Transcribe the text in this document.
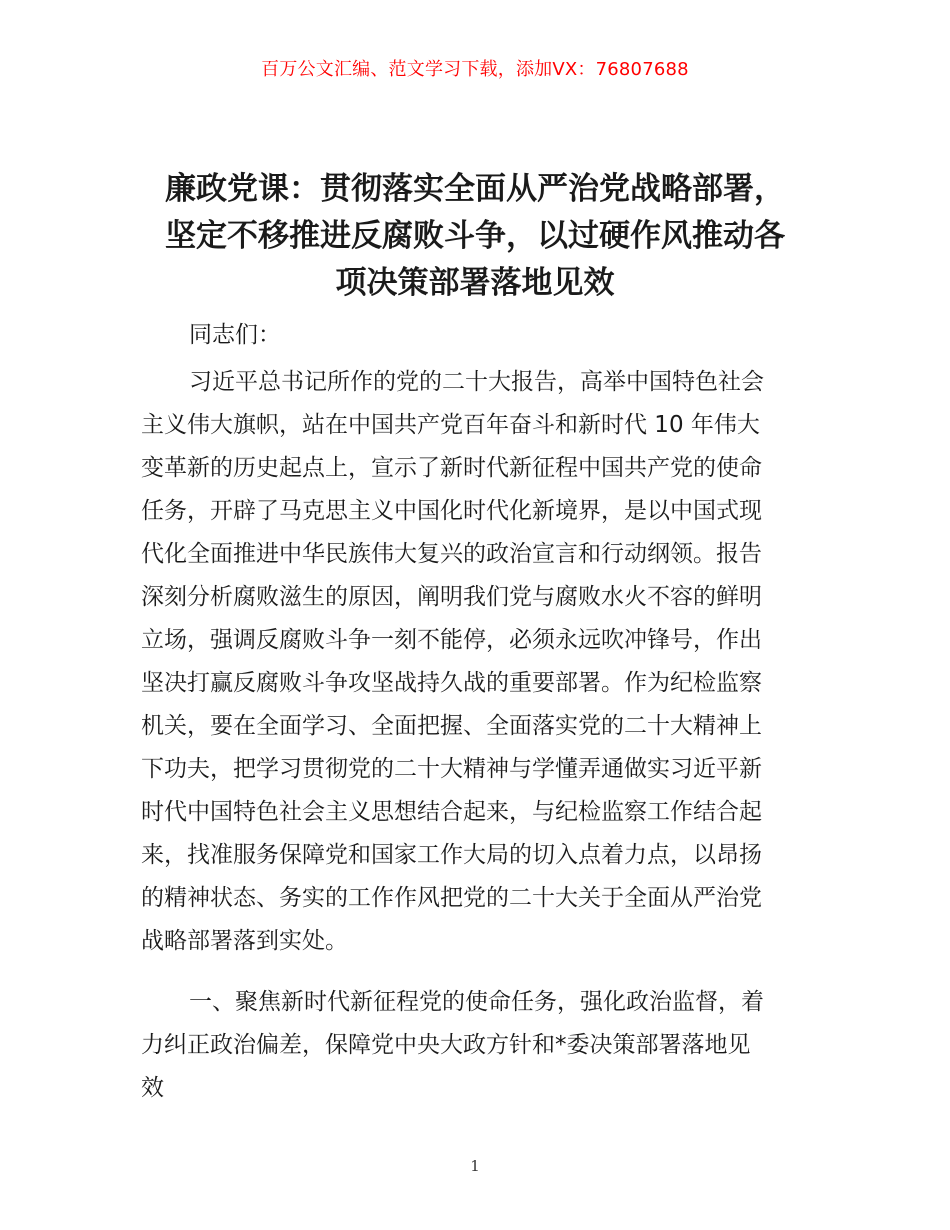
百万公文汇编、范文学习下载，添加VX：76807688
廉政党课：贯彻落实全面从严治党战略部署，
坚定不移推进反腐败斗争，以过硬作风推动各
项决策部署落地见效
同志们：
习近平总书记所作的党的二十大报告，高举中国特色社会
主义伟大旗帜，站在中国共产党百年奋斗和新时代 10 年伟大
变革新的历史起点上，宣示了新时代新征程中国共产党的使命
任务，开辟了马克思主义中国化时代化新境界，是以中国式现
代化全面推进中华民族伟大复兴的政治宣言和行动纲领。报告
深刻分析腐败滋生的原因，阐明我们党与腐败水火不容的鲜明
立场，强调反腐败斗争一刻不能停，必须永远吹冲锋号，作出
坚决打赢反腐败斗争攻坚战持久战的重要部署。作为纪检监察
机关，要在全面学习、全面把握、全面落实党的二十大精神上
下功夫，把学习贯彻党的二十大精神与学懂弄通做实习近平新
时代中国特色社会主义思想结合起来，与纪检监察工作结合起
来，找准服务保障党和国家工作大局的切入点着力点，以昂扬
的精神状态、务实的工作作风把党的二十大关于全面从严治党
战略部署落到实处。
一、聚焦新时代新征程党的使命任务，强化政治监督，着
力纠正政治偏差，保障党中央大政方针和*委决策部署落地见
效
1
